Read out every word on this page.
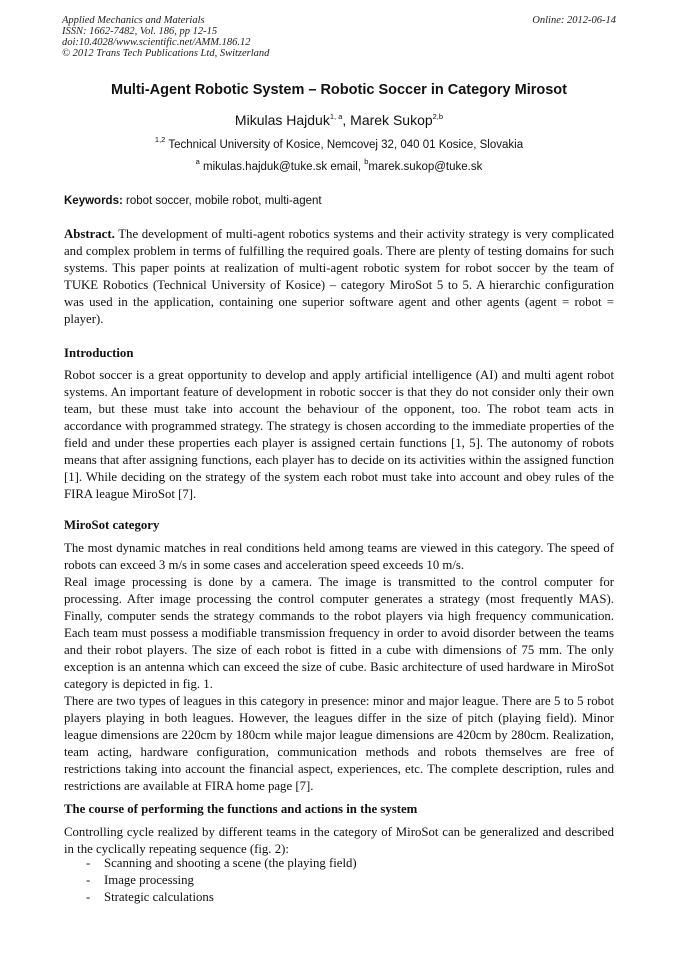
Applied Mechanics and Materials
ISSN: 1662-7482, Vol. 186, pp 12-15
doi:10.4028/www.scientific.net/AMM.186.12
© 2012 Trans Tech Publications Ltd, Switzerland
Online: 2012-06-14
Multi-Agent Robotic System – Robotic Soccer in Category Mirosot
Mikulas Hajduk$^{1, a}$, Marek Sukop$^{2,b}$
$^{1,2}$ Technical University of Kosice, Nemcovej 32, 040 01 Kosice, Slovakia
$^a$ mikulas.hajduk@tuke.sk email, $^b$marek.sukop@tuke.sk
Keywords: robot soccer, mobile robot, multi-agent

Abstract. The development of multi-agent robotics systems and their activity strategy is very complicated and complex problem in terms of fulfilling the required goals. There are plenty of testing domains for such systems. This paper points at realization of multi-agent robotic system for robot soccer by the team of TUKE Robotics (Technical University of Kosice) – category MiroSot 5 to 5. A hierarchic configuration was used in the application, containing one superior software agent and other agents (agent = robot = player).

Introduction

Robot soccer is a great opportunity to develop and apply artificial intelligence (AI) and multi agent robot systems. An important feature of development in robotic soccer is that they do not consider only their own team, but these must take into account the behaviour of the opponent, too. The robot team acts in accordance with programmed strategy. The strategy is chosen according to the immediate properties of the field and under these properties each player is assigned certain functions [1, 5]. The autonomy of robots means that after assigning functions, each player has to decide on its activities within the assigned function [1]. While deciding on the strategy of the system each robot must take into account and obey rules of the FIRA league MiroSot [7].

MiroSot category

The most dynamic matches in real conditions held among teams are viewed in this category. The speed of robots can exceed 3 m/s in some cases and acceleration speed exceeds 10 m/s.

Real image processing is done by a camera. The image is transmitted to the control computer for processing. After image processing the control computer generates a strategy (most frequently MAS). Finally, computer sends the strategy commands to the robot players via high frequency communication. Each team must possess a modifiable transmission frequency in order to avoid disorder between the teams and their robot players. The size of each robot is fitted in a cube with dimensions of 75 mm. The only exception is an antenna which can exceed the size of cube. Basic architecture of used hardware in MiroSot category is depicted in fig. 1.

There are two types of leagues in this category in presence: minor and major league. There are 5 to 5 robot players playing in both leagues. However, the leagues differ in the size of pitch (playing field). Minor league dimensions are 220cm by 180cm while major league dimensions are 420cm by 280cm. Realization, team acting, hardware configuration, communication methods and robots themselves are free of restrictions taking into account the financial aspect, experiences, etc. The complete description, rules and restrictions are available at FIRA home page [7].

The course of performing the functions and actions in the system

Controlling cycle realized by different teams in the category of MiroSot can be generalized and described in the cyclically repeating sequence (fig. 2):

- Scanning and shooting a scene (the playing field)
- Image processing
- Strategic calculations
